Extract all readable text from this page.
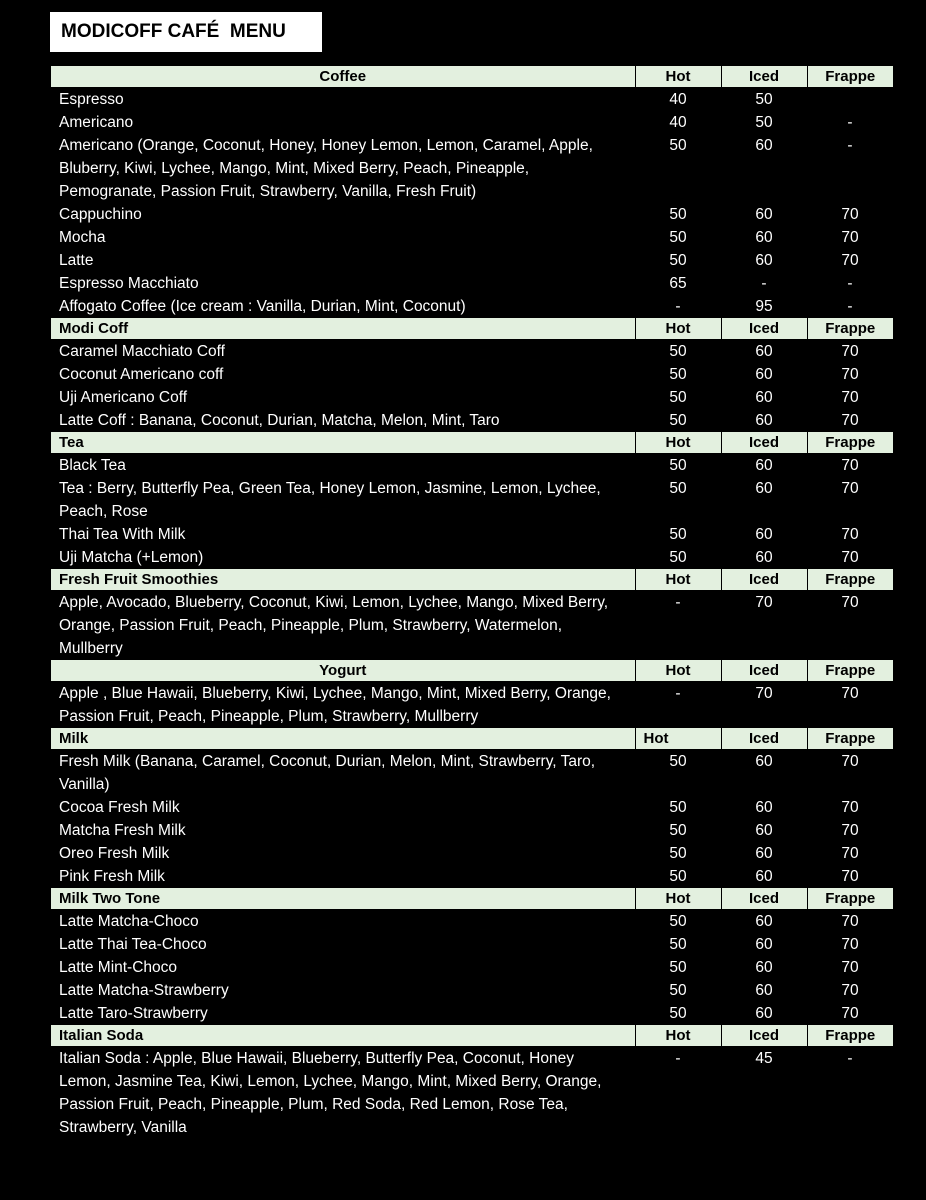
MODICOFF CAFÉ  MENU
Coffee	Hot	Iced	Frappe
Espresso	40	50	
Americano	40	50	-
Americano (Orange, Coconut, Honey, Honey Lemon, Lemon, Caramel, Apple, Bluberry, Kiwi, Lychee, Mango, Mint, Mixed Berry, Peach, Pineapple, Pemogranate, Passion Fruit, Strawberry, Vanilla, Fresh Fruit)	50	60	-
Cappuchino	50	60	70
Mocha	50	60	70
Latte	50	60	70
Espresso Macchiato	65	-	-
Affogato Coffee (Ice cream : Vanilla, Durian, Mint, Coconut)	-	95	-
Modi Coff	Hot	Iced	Frappe
Caramel Macchiato Coff	50	60	70
Coconut Americano coff	50	60	70
Uji Americano Coff	50	60	70
Latte Coff : Banana, Coconut, Durian, Matcha, Melon, Mint, Taro	50	60	70
Tea	Hot	Iced	Frappe
Black Tea	50	60	70
Tea : Berry, Butterfly Pea, Green Tea, Honey Lemon, Jasmine, Lemon, Lychee, Peach, Rose	50	60	70
Thai Tea With Milk	50	60	70
Uji Matcha (+Lemon)	50	60	70
Fresh Fruit Smoothies	Hot	Iced	Frappe
Apple, Avocado, Blueberry, Coconut, Kiwi, Lemon, Lychee, Mango, Mixed Berry, Orange, Passion Fruit, Peach, Pineapple, Plum, Strawberry, Watermelon, Mullberry	-	70	70
Yogurt	Hot	Iced	Frappe
Apple , Blue Hawaii, Blueberry, Kiwi, Lychee, Mango, Mint, Mixed Berry, Orange, Passion Fruit, Peach, Pineapple, Plum, Strawberry, Mullberry	-	70	70
Milk	Hot	Iced	Frappe
Fresh Milk (Banana, Caramel, Coconut, Durian, Melon, Mint, Strawberry, Taro, Vanilla)	50	60	70
Cocoa Fresh Milk	50	60	70
Matcha Fresh Milk	50	60	70
Oreo Fresh Milk	50	60	70
Pink Fresh Milk	50	60	70
Milk Two Tone	Hot	Iced	Frappe
Latte Matcha-Choco	50	60	70
Latte Thai Tea-Choco	50	60	70
Latte Mint-Choco	50	60	70
Latte Matcha-Strawberry	50	60	70
Latte Taro-Strawberry	50	60	70
Italian Soda	Hot	Iced	Frappe
Italian Soda : Apple, Blue Hawaii, Blueberry, Butterfly Pea, Coconut, Honey Lemon, Jasmine Tea, Kiwi, Lemon, Lychee, Mango, Mint, Mixed Berry, Orange, Passion Fruit, Peach, Pineapple, Plum, Red Soda, Red Lemon, Rose Tea, Strawberry, Vanilla	-	45	-
